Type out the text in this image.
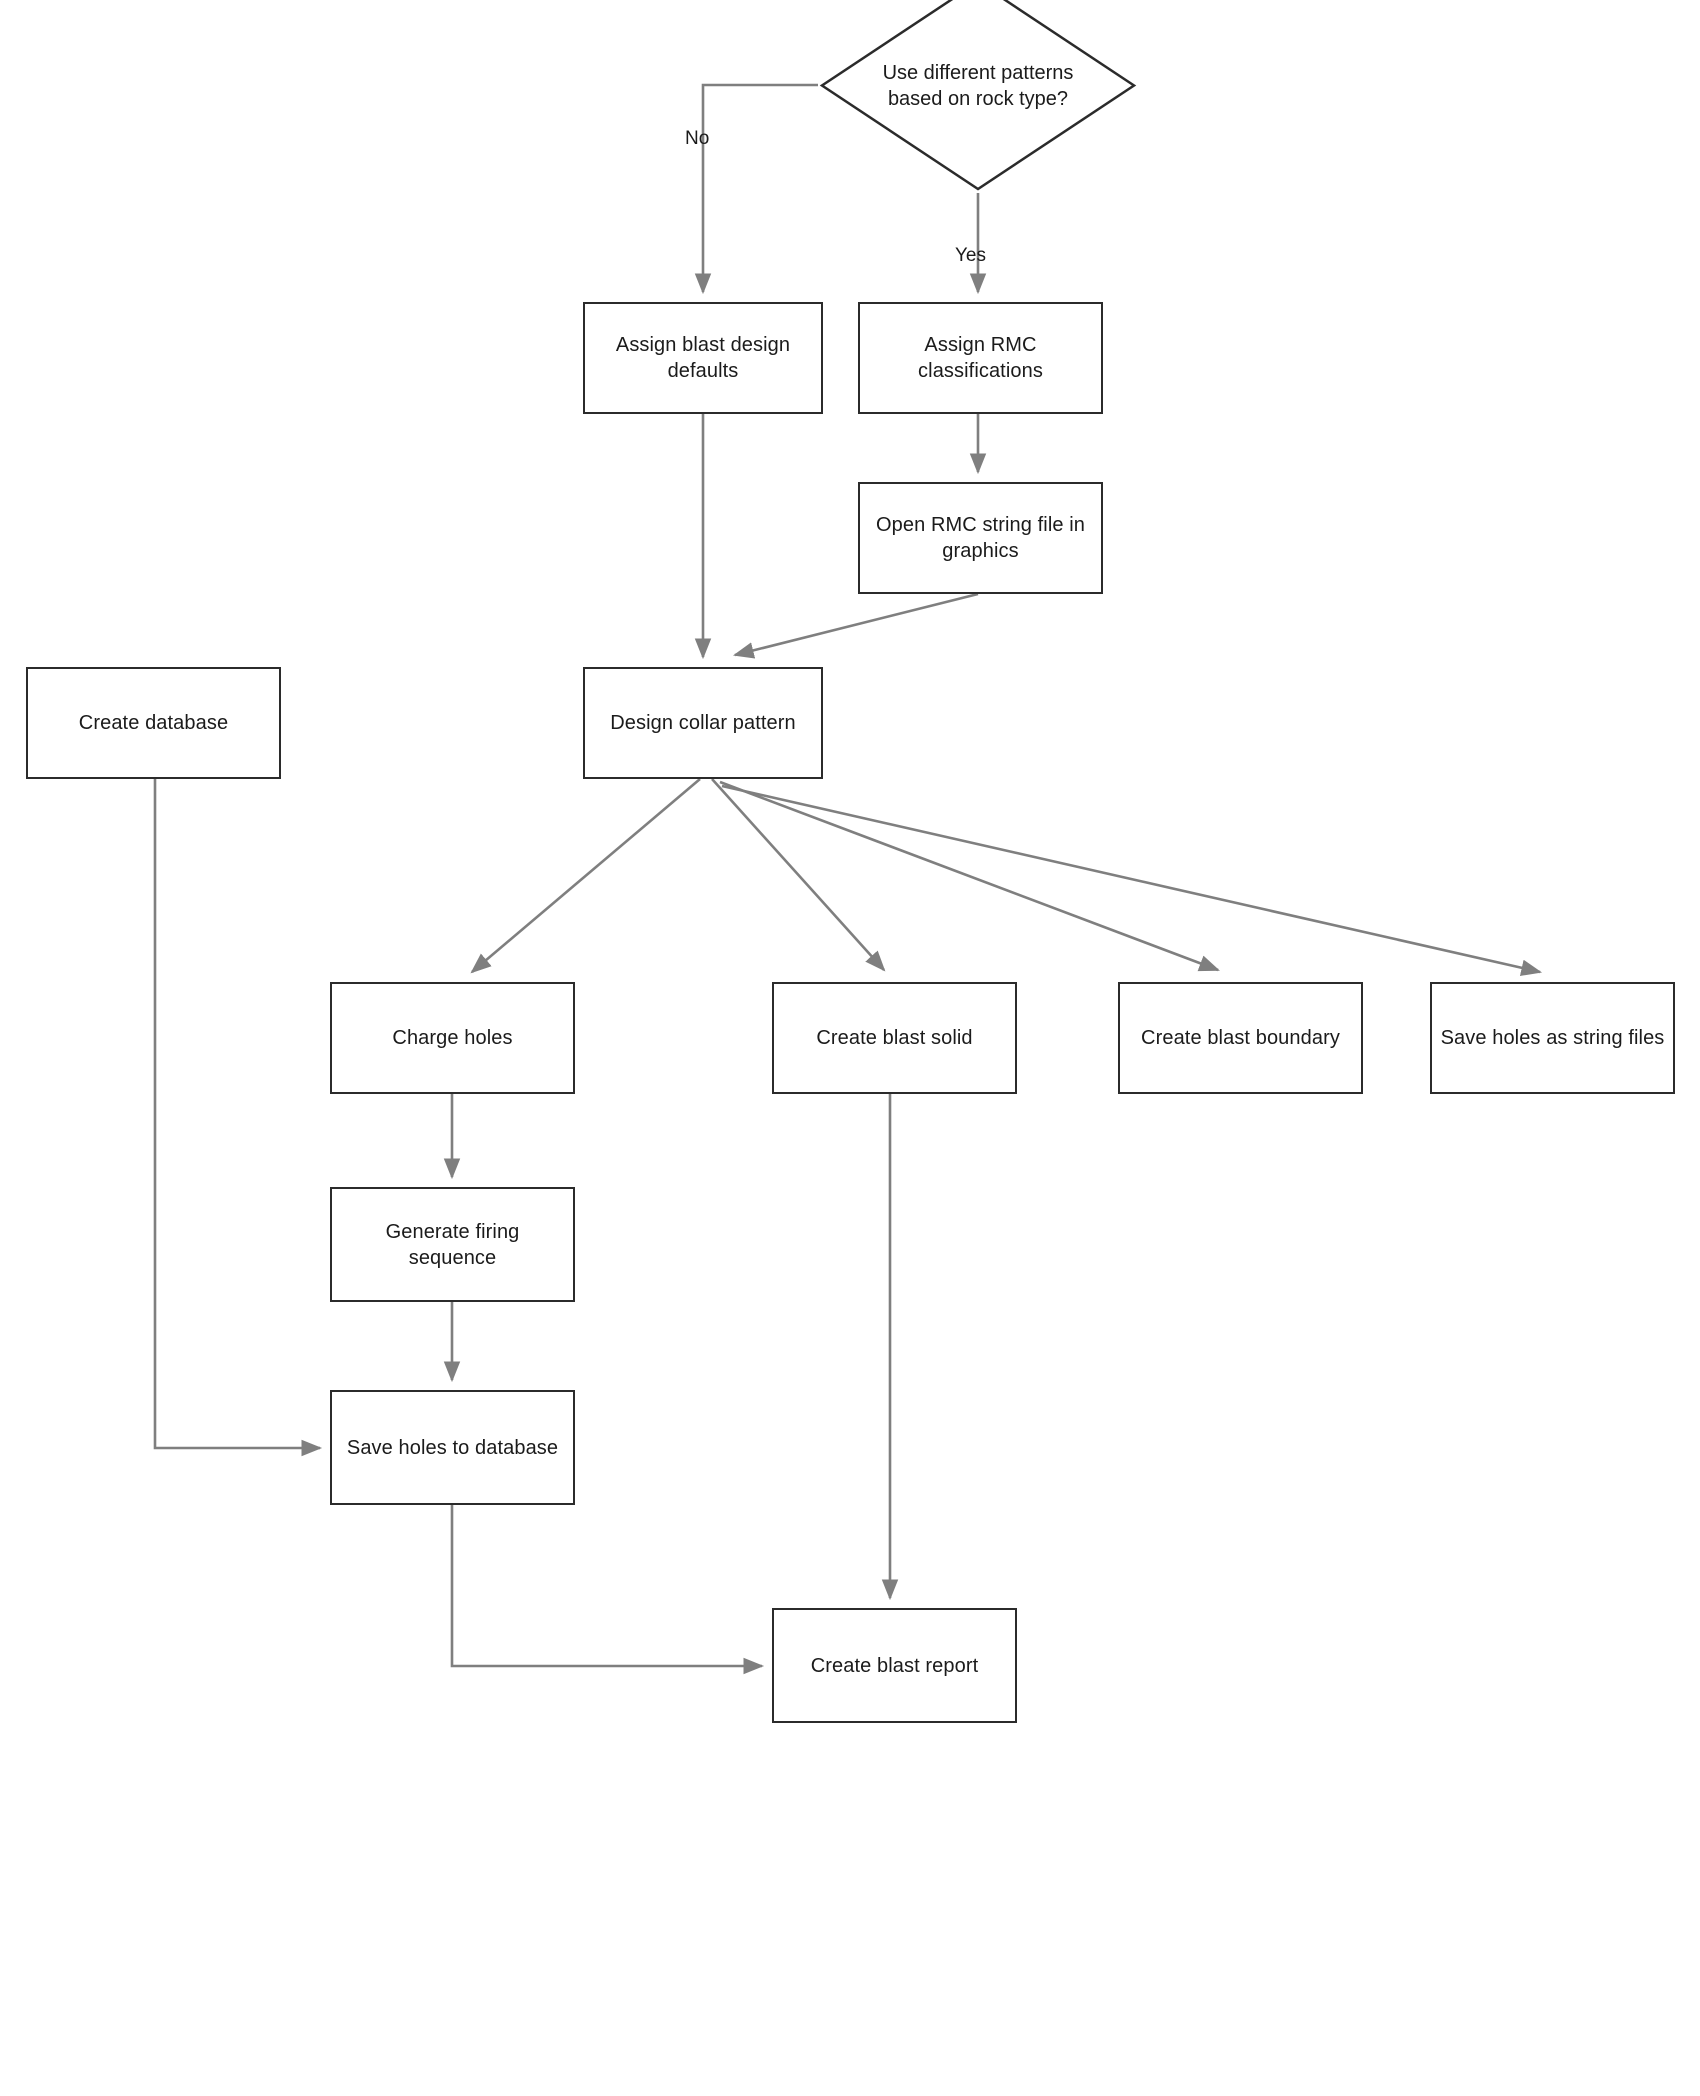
Use different patterns based on rock type?
Assign blast design defaults
Assign RMC classifications
Open RMC string file in graphics
Create database	Design collar pattern
Charge holes	Create blast solid	Create blast boundary	Save holes as string files
Generate firing sequence
Save holes to database
Create blast report
No
Yes
